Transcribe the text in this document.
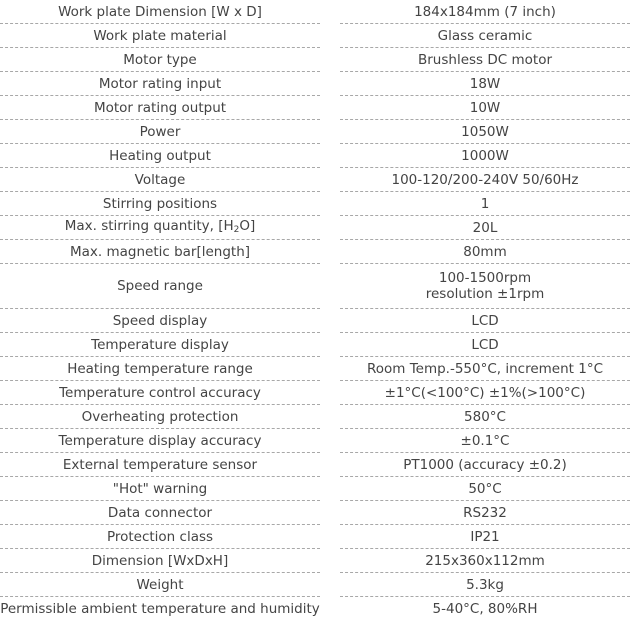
Work plate Dimension [W x D]		184x184mm (7 inch)
Work plate material		Glass ceramic
Motor type		Brushless DC motor
Motor rating input		18W
Motor rating output		10W
Power		1050W
Heating output		1000W
Voltage		100-120/200-240V 50/60Hz
Stirring positions		1
Max. stirring quantity, $[H_2O]$		20L
Max. magnetic bar[length]		80mm
Speed range		100-1500rpm
resolution ±1rpm

Speed display		LCD
Temperature display		LCD
Heating temperature range		Room Temp.-550°C, increment 1°C
Temperature control accuracy		±1°C(<100°C) ±1%(>100°C)
Overheating protection		580°C
Temperature display accuracy		±0.1°C
External temperature sensor		PT1000 (accuracy ±0.2)
"Hot" warning		50°C
Data connector		RS232
Protection class		IP21
Dimension [WxDxH]		215x360x112mm
Weight		5.3kg
Permissible ambient temperature and humidity		5-40°C, 80%RH
